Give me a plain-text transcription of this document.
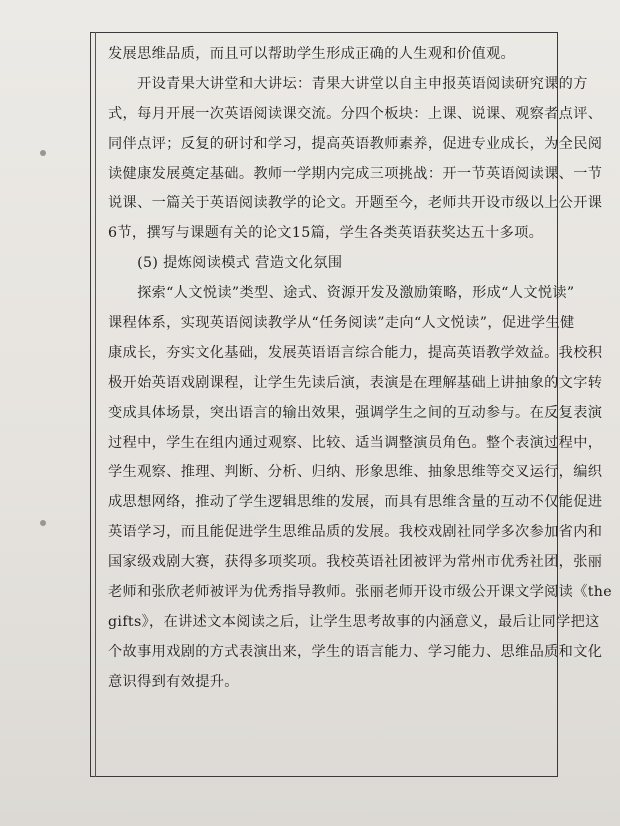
发展思维品质，而且可以帮助学生形成正确的人生观和价值观。
　　开设青果大讲堂和大讲坛：青果大讲堂以自主申报英语阅读研究课的方
式，每月开展一次英语阅读课交流。分四个板块：上课、说课、观察者点评、
同伴点评；反复的研讨和学习，提高英语教师素养，促进专业成长，为全民阅
读健康发展奠定基础。教师一学期内完成三项挑战：开一节英语阅读课、一节
说课、一篇关于英语阅读教学的论文。开题至今，老师共开设市级以上公开课
6节，撰写与课题有关的论文15篇，学生各类英语获奖达五十多项。
　　(5) 提炼阅读模式 营造文化氛围
　　探索“人文悦读”类型、途式、资源开发及激励策略，形成“人文悦读”
课程体系，实现英语阅读教学从“任务阅读”走向“人文悦读”，促进学生健
康成长，夯实文化基础，发展英语语言综合能力，提高英语教学效益。我校积
极开始英语戏剧课程，让学生先读后演，表演是在理解基础上讲抽象的文字转
变成具体场景，突出语言的输出效果，强调学生之间的互动参与。在反复表演
过程中，学生在组内通过观察、比较、适当调整演员角色。整个表演过程中，
学生观察、推理、判断、分析、归纳、形象思维、抽象思维等交叉运行，编织
成思想网络，推动了学生逻辑思维的发展，而具有思维含量的互动不仅能促进
英语学习，而且能促进学生思维品质的发展。我校戏剧社同学多次参加省内和
国家级戏剧大赛，获得多项奖项。我校英语社团被评为常州市优秀社团，张丽
老师和张欣老师被评为优秀指导教师。张丽老师开设市级公开课文学阅读《the
gifts》，在讲述文本阅读之后，让学生思考故事的内涵意义，最后让同学把这
个故事用戏剧的方式表演出来，学生的语言能力、学习能力、思维品质和文化
意识得到有效提升。
